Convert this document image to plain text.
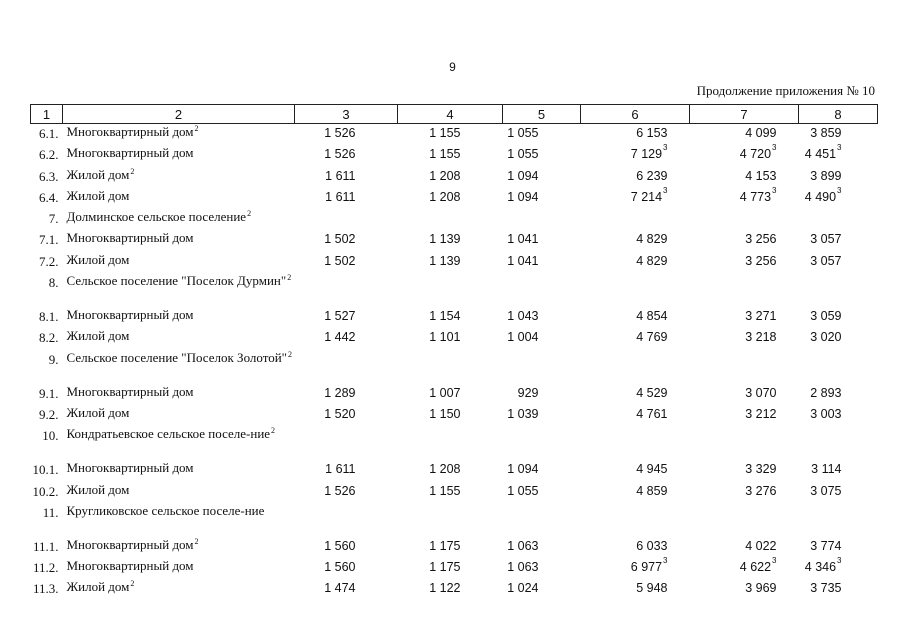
9
Продолжение приложения № 10
1	2	3	4	5	6	7	8
6.1.	Многоквартирный дом$^2$	1 526	1 155	1 055	6 153	4 099	3 859
6.2.	Многоквартирный дом	1 526	1 155	1 055	7 $129^3$	4 $720^3$	4 $451^3$
6.3.	Жилой дом$^2$	1 611	1 208	1 094	6 239	4 153	3 899
6.4.	Жилой дом	1 611	1 208	1 094	7 $214^3$	4 $773^3$	4 $490^3$
7.	Долминское сельское поселение$^2$						
7.1.	Многоквартирный дом	1 502	1 139	1 041	4 829	3 256	3 057
7.2.	Жилой дом	1 502	1 139	1 041	4 829	3 256	3 057
8.	Сельское поселение "Поселок Дурмин"$^2$						
8.1.	Многоквартирный дом	1 527	1 154	1 043	4 854	3 271	3 059
8.2.	Жилой дом	1 442	1 101	1 004	4 769	3 218	3 020
9.	Сельское поселение "Поселок Золотой"$^2$						
9.1.	Многоквартирный дом	1 289	1 007	929	4 529	3 070	2 893
9.2.	Жилой дом	1 520	1 150	1 039	4 761	3 212	3 003
10.	Кондратьевское сельское поселе-ние$^2$						
10.1.	Многоквартирный дом	1 611	1 208	1 094	4 945	3 329	3 114
10.2.	Жилой дом	1 526	1 155	1 055	4 859	3 276	3 075
11.	Кругликовское сельское поселе-ние						
11.1.	Многоквартирный дом$^2$	1 560	1 175	1 063	6 033	4 022	3 774
11.2.	Многоквартирный дом	1 560	1 175	1 063	6 $977^3$	4 $622^3$	4 $346^3$
11.3.	Жилой дом$^2$	1 474	1 122	1 024	5 948	3 969	3 735
